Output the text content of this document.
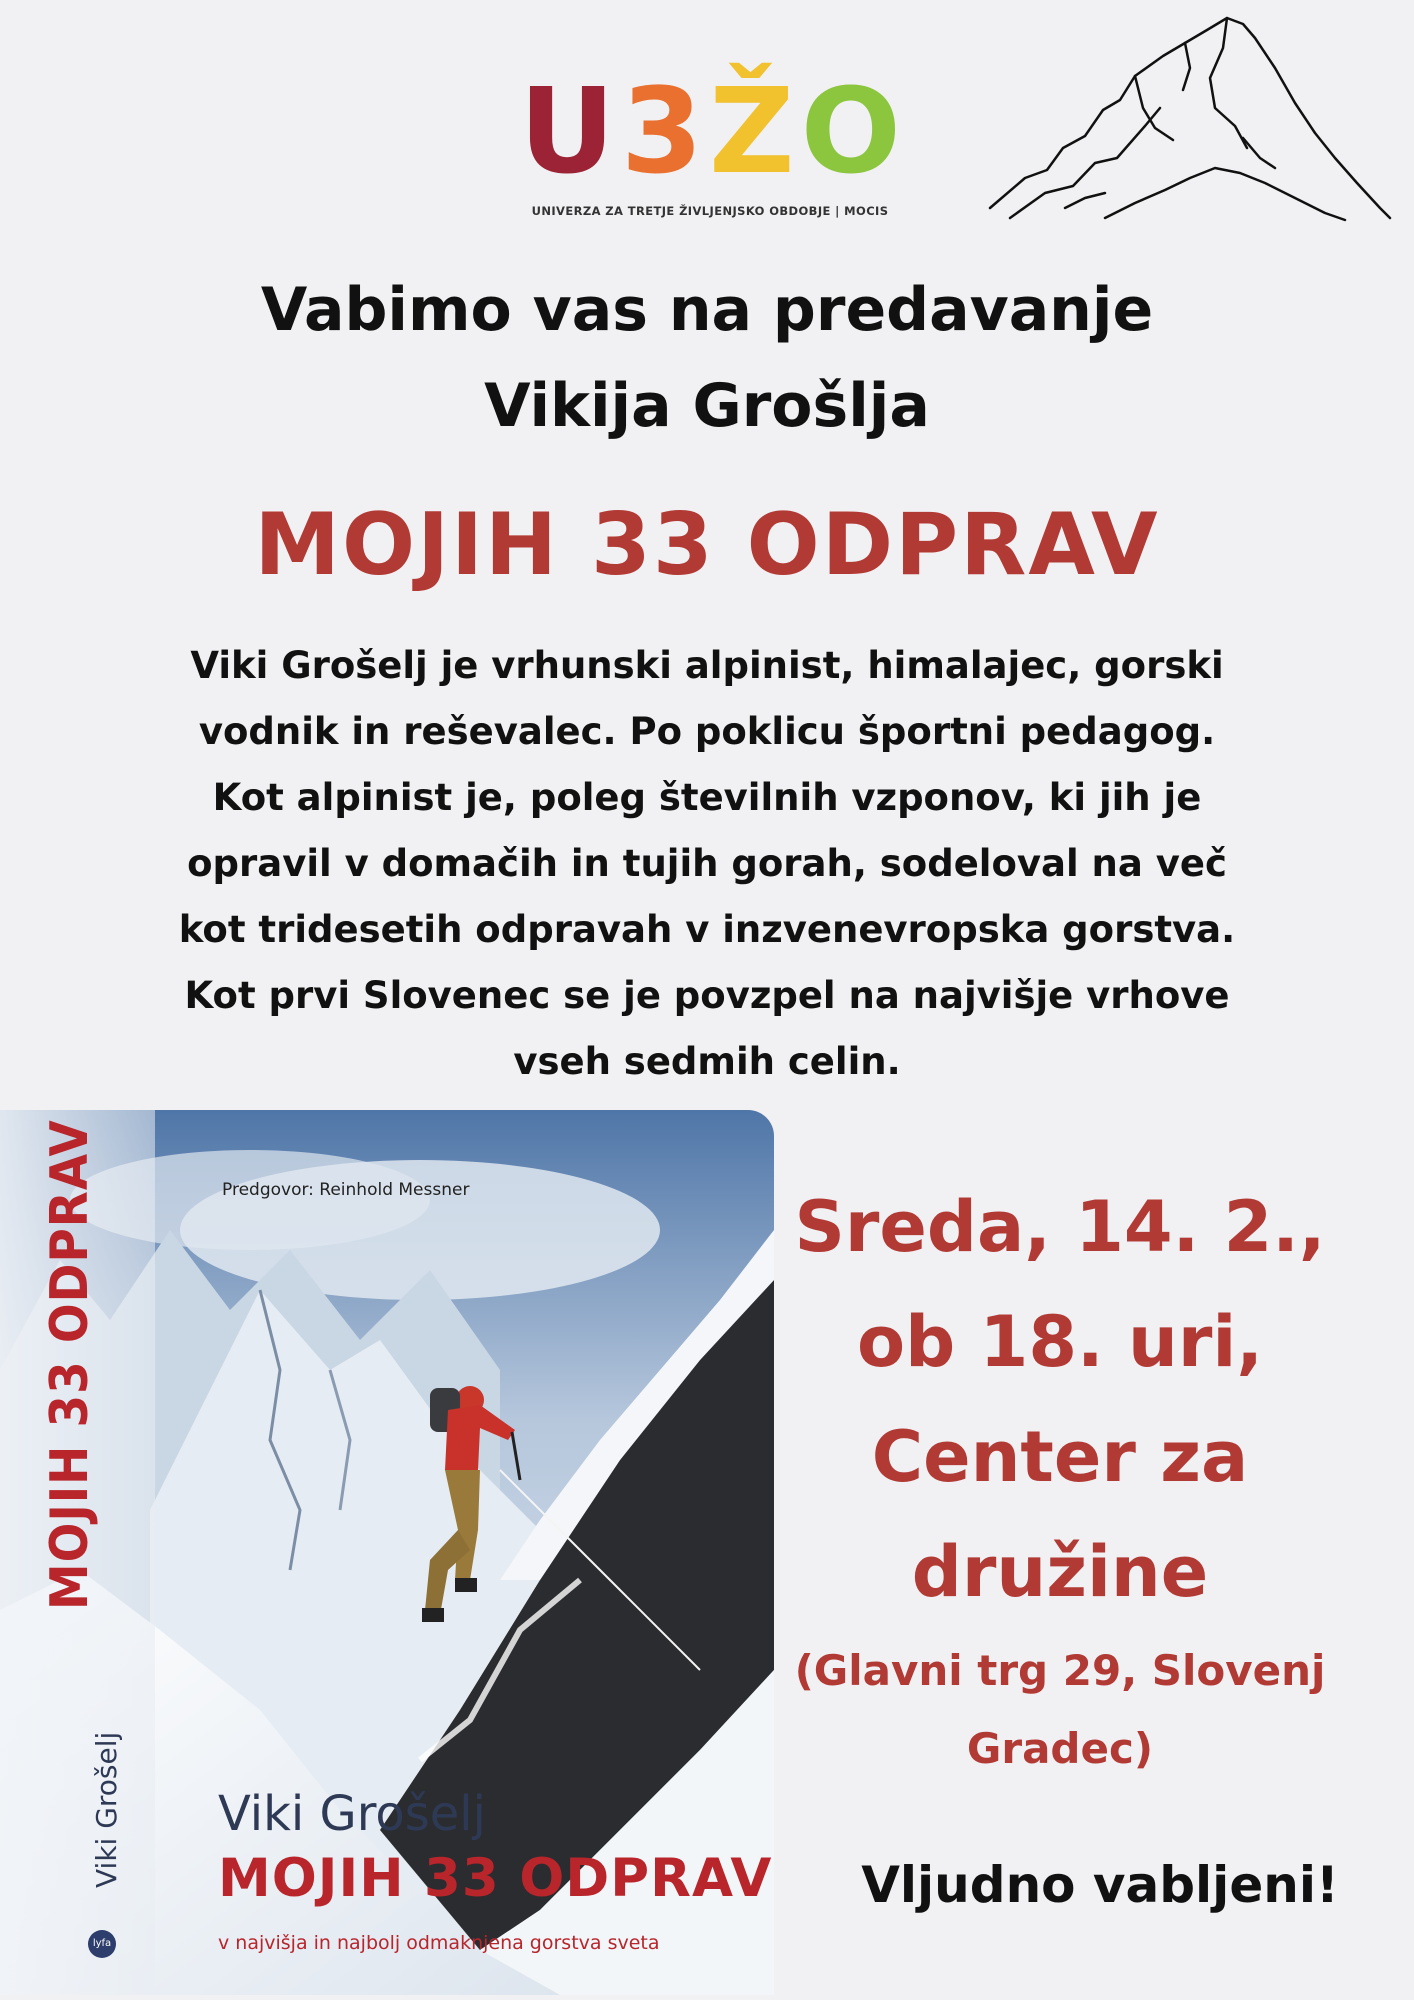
U 3 Ž O
UNIVERZA ZA TRETJE ŽIVLJENJSKO OBDOBJE | MOCIS
Vabimo vas na predavanje
Vikija Grošlja
MOJIH 33 ODPRAV
Viki Grošelj je vrhunski alpinist, himalajec, gorski
vodnik in reševalec. Po poklicu športni pedagog.
Kot alpinist je, poleg številnih vzponov, ki jih je
opravil v domačih in tujih gorah, sodeloval na več
kot tridesetih odpravah v inzvenevropska gorstva.
Kot prvi Slovenec se je povzpel na najvišje vrhove
vseh sedmih celin.
Predgovor: Reinhold Messner
MOJIH 33 ODPRAV
Viki Grošelj
lyfa
Viki Grošelj
MOJIH 33 ODPRAV
v najvišja in najbolj odmaknjena gorstva sveta
Sreda, 14. 2.,
ob 18. uri,
Center za
družine
(Glavni trg 29, Slovenj
Gradec)
Vljudno vabljeni!
